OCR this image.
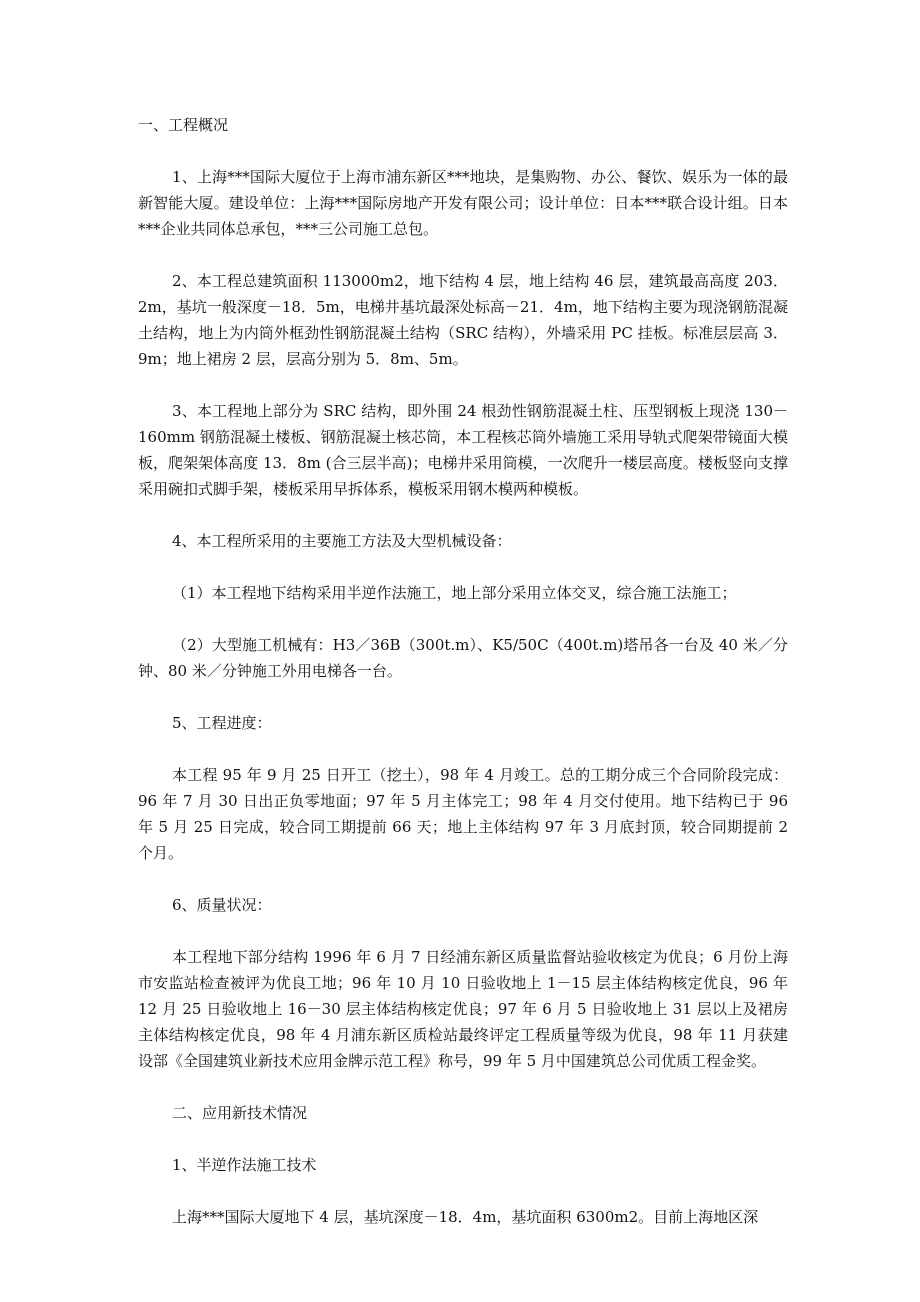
一、工程概况
1、上海***国际大厦位于上海市浦东新区***地块，是集购物、办公、餐饮、娱乐为一体的最新智能大厦。建设单位：上海***国际房地产开发有限公司；设计单位：日本***联合设计组。日本***企业共同体总承包，***三公司施工总包。
2、本工程总建筑面积 113000m2，地下结构 4 层，地上结构 46 层，建筑最高高度 203．2m，基坑一般深度－18．5m，电梯井基坑最深处标高－21．4m，地下结构主要为现浇钢筋混凝土结构，地上为内筒外框劲性钢筋混凝土结构（SRC 结构），外墙采用 PC 挂板。标准层层高 3．9m；地上裙房 2 层，层高分别为 5．8m、5m。
3、本工程地上部分为 SRC 结构，即外围 24 根劲性钢筋混凝土柱、压型钢板上现浇 130－160mm 钢筋混凝土楼板、钢筋混凝土核芯筒，本工程核芯筒外墙施工采用导轨式爬架带镜面大模板，爬架架体高度 13．8m (合三层半高)；电梯井采用筒模，一次爬升一楼层高度。楼板竖向支撑采用碗扣式脚手架，楼板采用早拆体系，模板采用钢木模两种模板。
4、本工程所采用的主要施工方法及大型机械设备：
（1）本工程地下结构采用半逆作法施工，地上部分采用立体交叉，综合施工法施工；
（2）大型施工机械有：H3／36B（300t.m）、K5/50C（400t.m)塔吊各一台及 40 米／分钟、80 米／分钟施工外用电梯各一台。
5、工程进度：
本工程 95 年 9 月 25 日开工（挖土），98 年 4 月竣工。总的工期分成三个合同阶段完成：96 年 7 月 30 日出正负零地面；97 年 5 月主体完工；98 年 4 月交付使用。地下结构已于 96 年 5 月 25 日完成，较合同工期提前 66 天；地上主体结构 97 年 3 月底封顶，较合同期提前 2 个月。
6、质量状况：
本工程地下部分结构 1996 年 6 月 7 日经浦东新区质量监督站验收核定为优良；6 月份上海市安监站检查被评为优良工地；96 年 10 月 10 日验收地上 1－15 层主体结构核定优良，96 年 12 月 25 日验收地上 16－30 层主体结构核定优良；97 年 6 月 5 日验收地上 31 层以上及裙房主体结构核定优良，98 年 4 月浦东新区质检站最终评定工程质量等级为优良，98 年 11 月获建设部《全国建筑业新技术应用金牌示范工程》称号，99 年 5 月中国建筑总公司优质工程金奖。
二、应用新技术情况
1、半逆作法施工技术
上海***国际大厦地下 4 层，基坑深度－18．4m，基坑面积 6300m2。目前上海地区深
